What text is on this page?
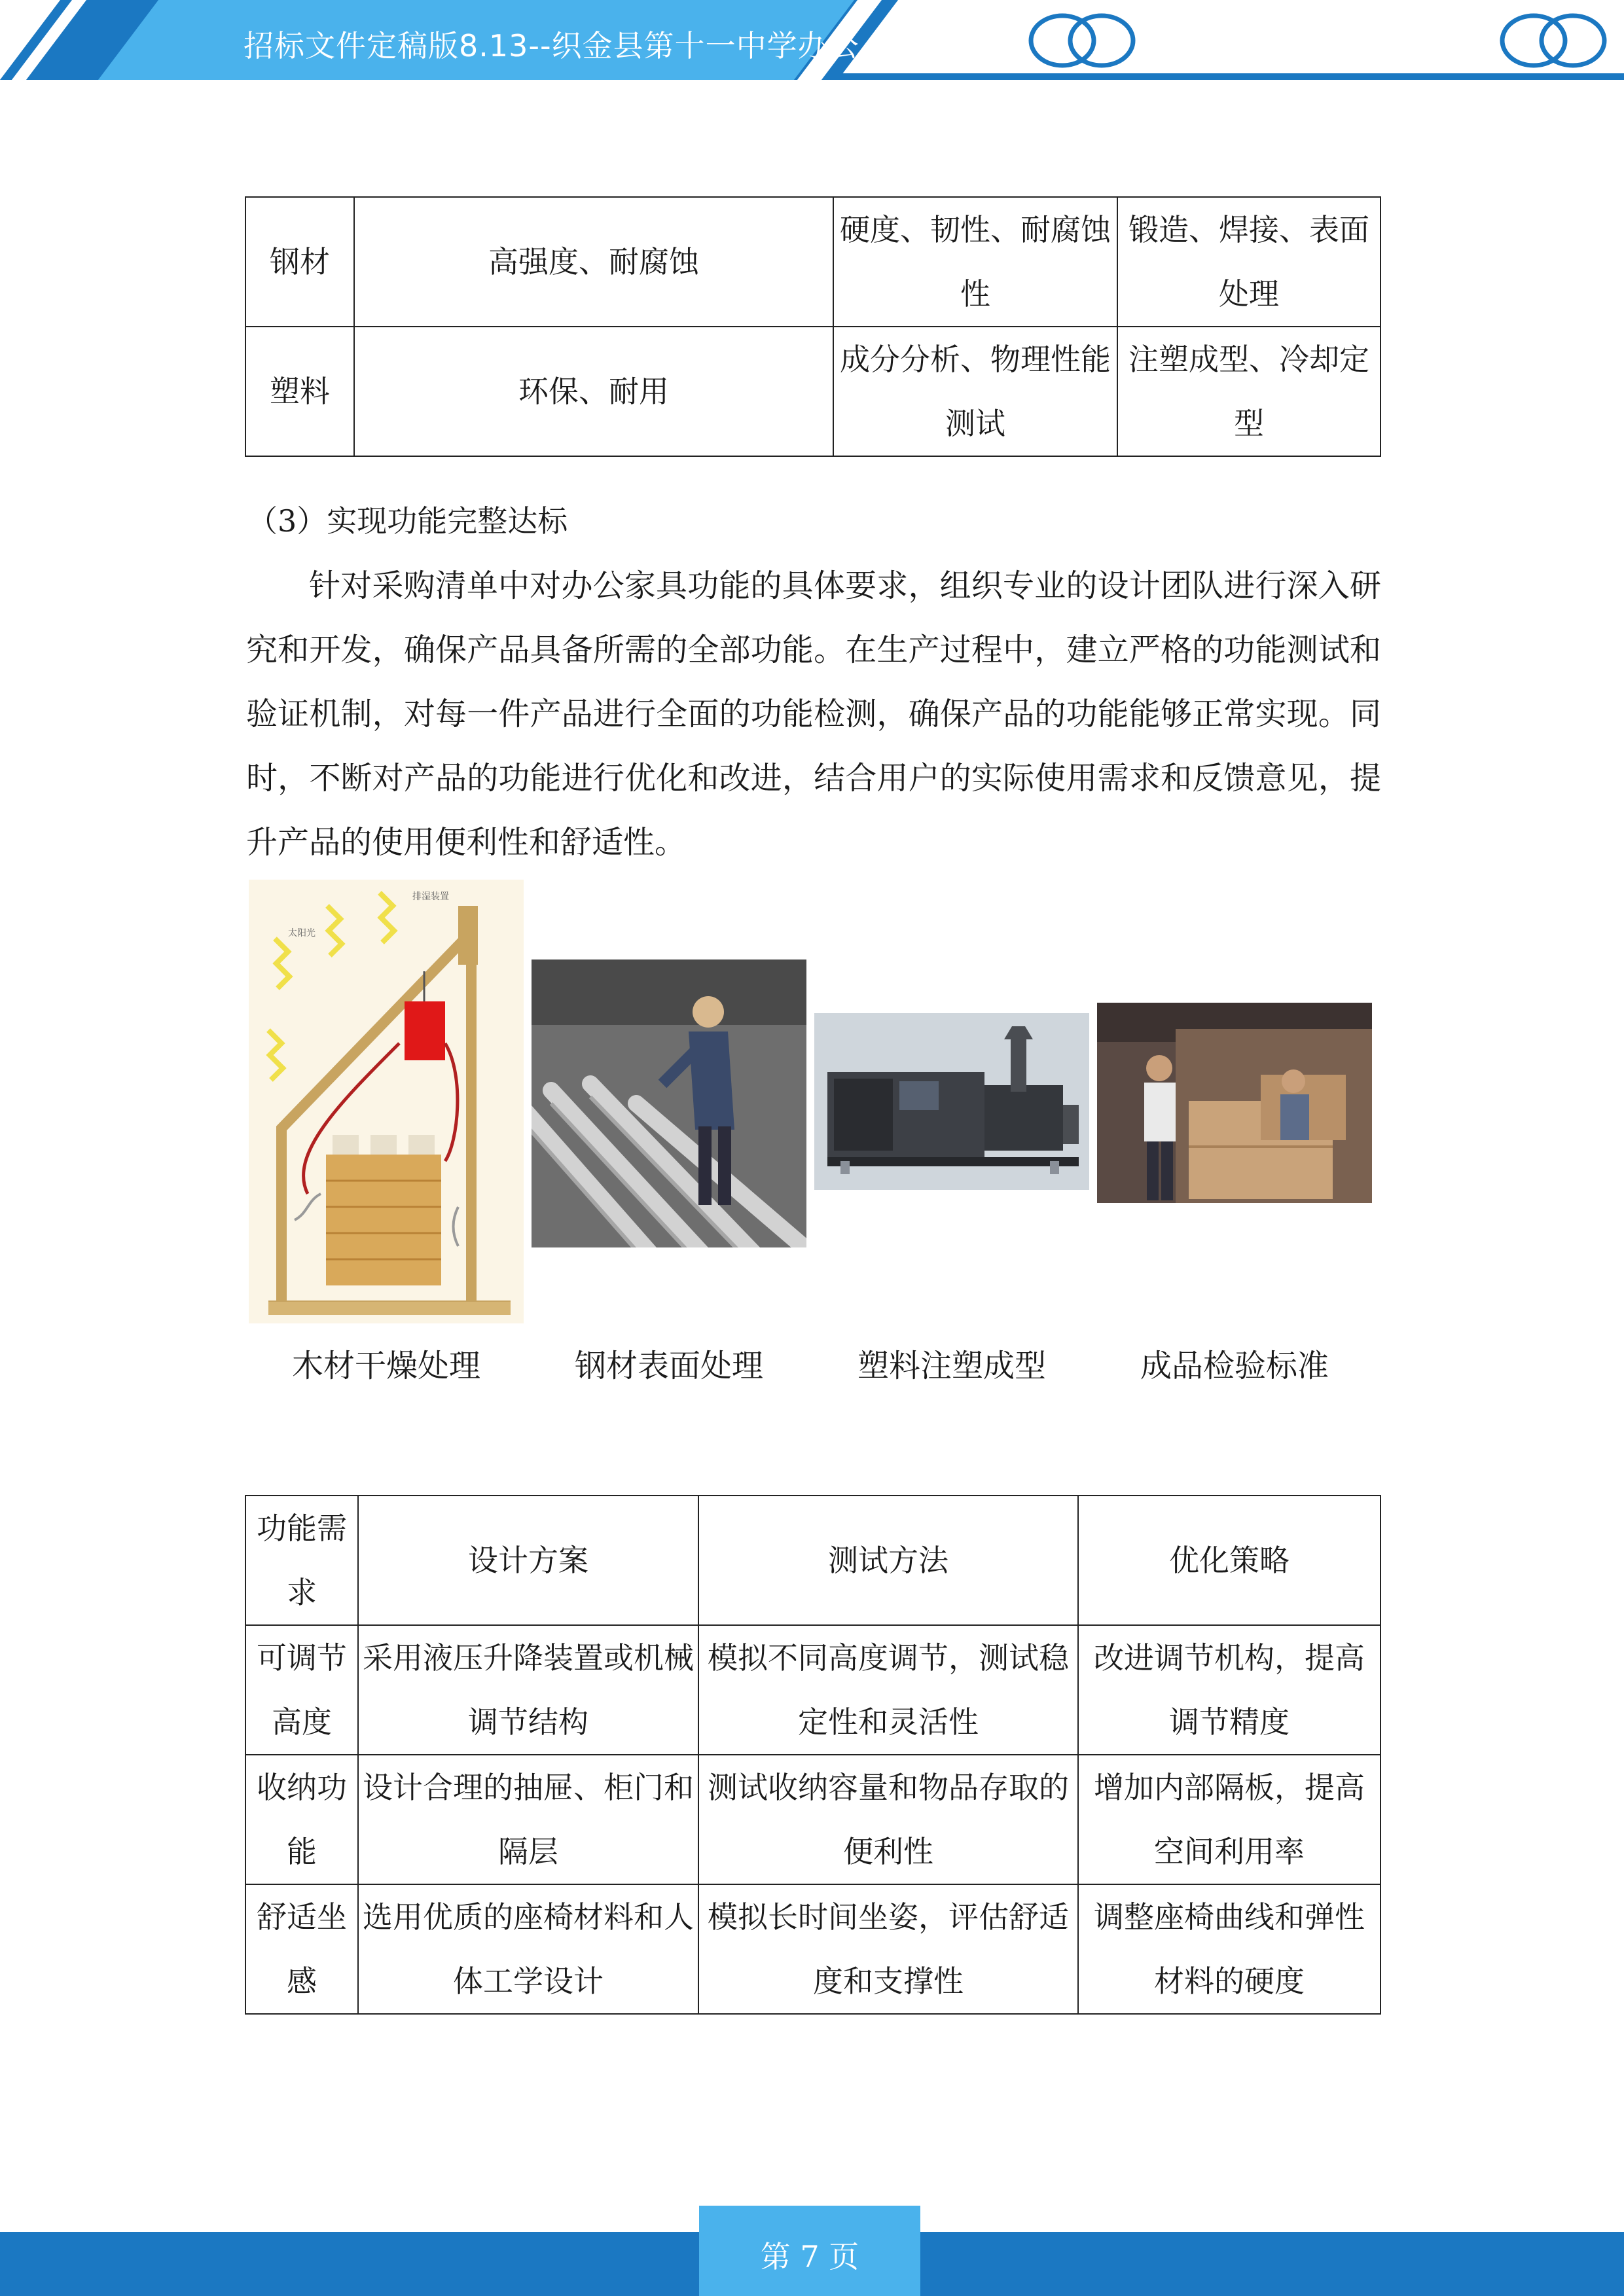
招标文件定稿版8.13--织金县第十一中学办公...
钢材	高强度、耐腐蚀	硬度、韧性、耐腐蚀性	锻造、焊接、表面处理
塑料	环保、耐用	成分分析、物理性能测试	注塑成型、冷却定型
（3）实现功能完整达标
针对采购清单中对办公家具功能的具体要求，组织专业的设计团队进行深入研究和开发，确保产品具备所需的全部功能。在生产过程中，建立严格的功能测试和验证机制，对每一件产品进行全面的功能检测，确保产品的功能能够正常实现。同时，不断对产品的功能进行优化和改进，结合用户的实际使用需求和反馈意见，提升产品的使用便利性和舒适性。
太阳光
排湿装置
木材干燥处理	钢材表面处理	塑料注塑成型	成品检验标准
功能需求	设计方案	测试方法	优化策略
可调节高度	采用液压升降装置或机械调节结构	模拟不同高度调节，测试稳定性和灵活性	改进调节机构，提高调节精度
收纳功能	设计合理的抽屉、柜门和隔层	测试收纳容量和物品存取的便利性	增加内部隔板，提高空间利用率
舒适坐感	选用优质的座椅材料和人体工学设计	模拟长时间坐姿，评估舒适度和支撑性	调整座椅曲线和弹性材料的硬度
第 7 页
